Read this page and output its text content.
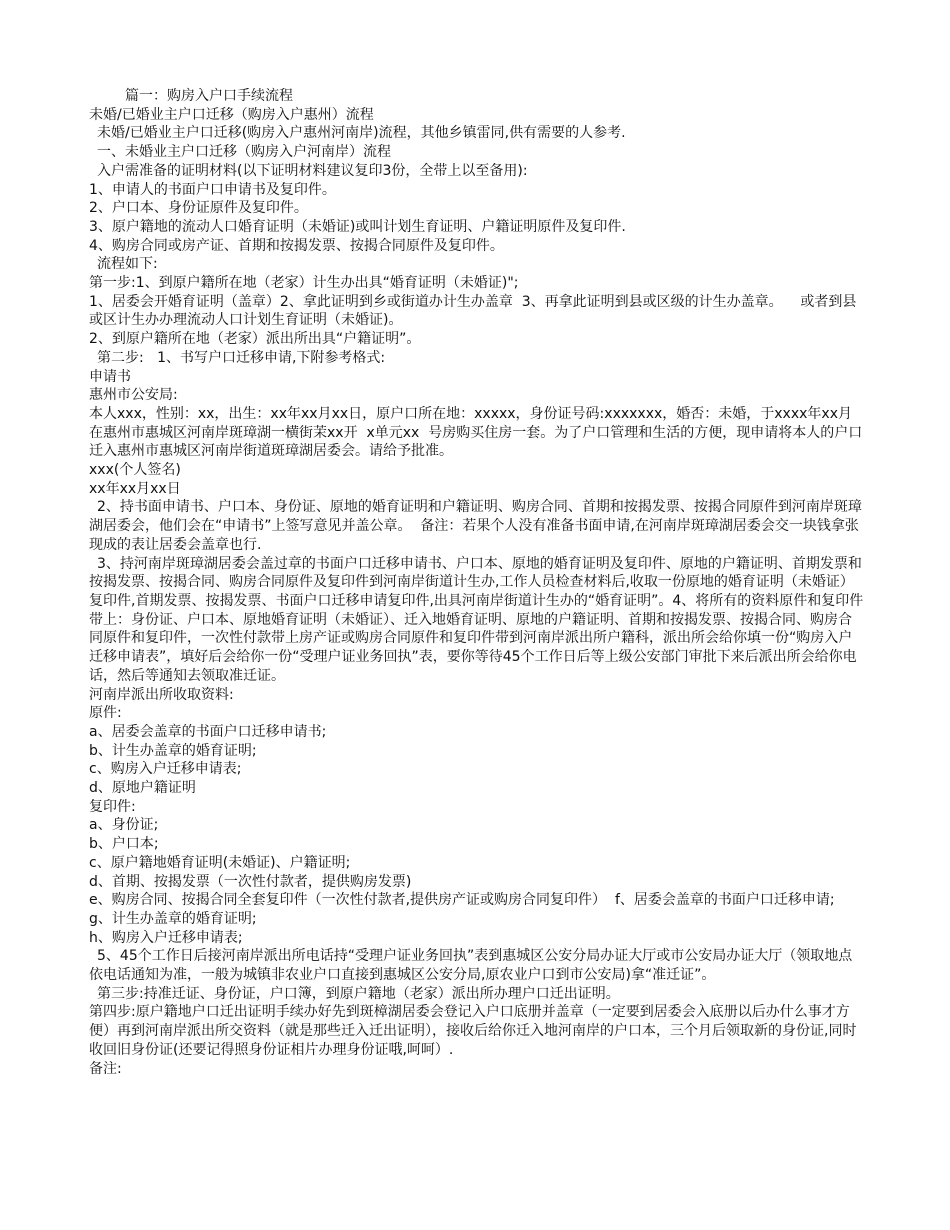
篇一：购房入户口手续流程

未婚/已婚业主户口迁移（购房入户惠州）流程

未婚/已婚业主户口迁移(购房入户惠州河南岸)流程，其他乡镇雷同,供有需要的人参考.

一、未婚业主户口迁移（购房入户河南岸）流程

入户需准备的证明材料(以下证明材料建议复印3份，全带上以至备用):

1、申请人的书面户口申请书及复印件。

2、户口本、身份证原件及复印件。

3、原户籍地的流动人口婚育证明（未婚证)或叫计划生育证明、户籍证明原件及复印件.

4、购房合同或房产证、首期和按揭发票、按揭合同原件及复印件。

流程如下:

第一步:1、到原户籍所在地（老家）计生办出具“婚育证明（未婚证)";

1、居委会开婚育证明（盖章）2、拿此证明到乡或街道办计生办盖章  3、再拿此证明到县或区级的计生办盖章。    或者到县或区计生办办理流动人口计划生育证明（未婚证)。

2、到原户籍所在地（老家）派出所出具“户籍证明”。

第二步:   1、书写户口迁移申请,下附参考格式:

申请书

惠州市公安局:

本人xxx，性别：xx，出生：xx年xx月xx日，原户口所在地：xxxxx，身份证号码:xxxxxxx，婚否：未婚，于xxxx年xx月在惠州市惠城区河南岸斑璋湖一横街茉xx开  x单元xx  号房购买住房一套。为了户口管理和生活的方便，现申请将本人的户口迁入惠州市惠城区河南岸街道斑璋湖居委会。请给予批准。

xxx(个人签名)

xx年xx月xx日

2、持书面申请书、户口本、身份证、原地的婚育证明和户籍证明、购房合同、首期和按揭发票、按揭合同原件到河南岸斑璋湖居委会，他们会在“申请书”上签写意见并盖公章。  备注：若果个人没有准备书面申请,在河南岸斑璋湖居委会交一块钱拿张现成的表让居委会盖章也行.

3、持河南岸斑璋湖居委会盖过章的书面户口迁移申请书、户口本、原地的婚育证明及复印件、原地的户籍证明、首期发票和按揭发票、按揭合同、购房合同原件及复印件到河南岸街道计生办,工作人员检查材料后,收取一份原地的婚育证明（未婚证）复印件,首期发票、按揭发票、书面户口迁移申请复印件,出具河南岸街道计生办的“婚育证明”。4、将所有的资料原件和复印件带上：身份证、户口本、原地婚育证明（未婚证）、迁入地婚育证明、原地的户籍证明、首期和按揭发票、按揭合同、购房合同原件和复印件，一次性付款带上房产证或购房合同原件和复印件带到河南岸派出所户籍科，派出所会给你填一份“购房入户迁移申请表”，填好后会给你一份“受理户证业务回执”表，要你等待45个工作日后等上级公安部门审批下来后派出所会给你电话，然后等通知去领取准迁证。

河南岸派出所收取资料:

原件:

a、居委会盖章的书面户口迁移申请书;

b、计生办盖章的婚育证明;

c、购房入户迁移申请表;

d、原地户籍证明

复印件:

a、身份证;

b、户口本;

c、原户籍地婚育证明(未婚证)、户籍证明;

d、首期、按揭发票（一次性付款者，提供购房发票)

e、购房合同、按揭合同全套复印件（一次性付款者,提供房产证或购房合同复印件）  f、居委会盖章的书面户口迁移申请;

g、计生办盖章的婚育证明;

h、购房入户迁移申请表;

5、45个工作日后接河南岸派出所电话持“受理户证业务回执”表到惠城区公安分局办证大厅或市公安局办证大厅（领取地点依电话通知为准，一般为城镇非农业户口直接到惠城区公安分局,原农业户口到市公安局)拿“准迁证”。

第三步:持准迁证、身份证，户口簿，到原户籍地（老家）派出所办理户口迁出证明。

第四步:原户籍地户口迁出证明手续办好先到斑樟湖居委会登记入户口底册并盖章（一定要到居委会入底册以后办什么事才方便）再到河南岸派出所交资料（就是那些迁入迁出证明），接收后给你迁入地河南岸的户口本，三个月后领取新的身份证,同时收回旧身份证(还要记得照身份证相片办理身份证哦,呵呵）.

备注:
